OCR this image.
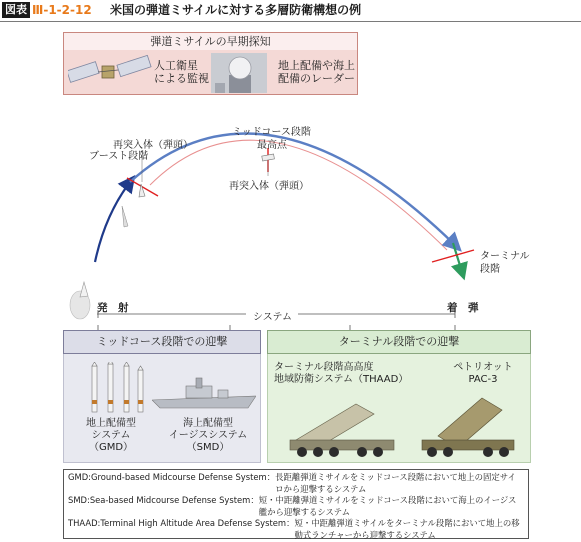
図表 Ⅲ-1-2-12 米国の弾道ミサイルに対する多層防衛構想の例
弾道ミサイルの早期探知
人工衛星
による監視
地上配備や海上
配備のレーダー
ブースト段階
再突入体（弾頭）
ミッドコース段階
最高点
再突入体（弾頭）
ターミナル
段階
発　射	着　弾
システム
ミッドコース段階での迎撃
地上配備型
システム
（GMD）
海上配備型
イージスシステム
（SMD）
ターミナル段階での迎撃
ターミナル段階高高度
地域防衛システム（THAAD）
ペトリオット
PAC-3
GMD:Ground-based Midcourse Defense System： 長距離弾道ミサイルをミッドコース段階において地上の固定サイロから迎撃するシステム
SMD:Sea-based Midcourse Defense System： 短・中距離弾道ミサイルをミッドコース段階において海上のイージス艦から迎撃するシステム
THAAD:Terminal High Altitude Area Defense System： 短・中距離弾道ミサイルをターミナル段階において地上の移動式ランチャーから迎撃するシステム
